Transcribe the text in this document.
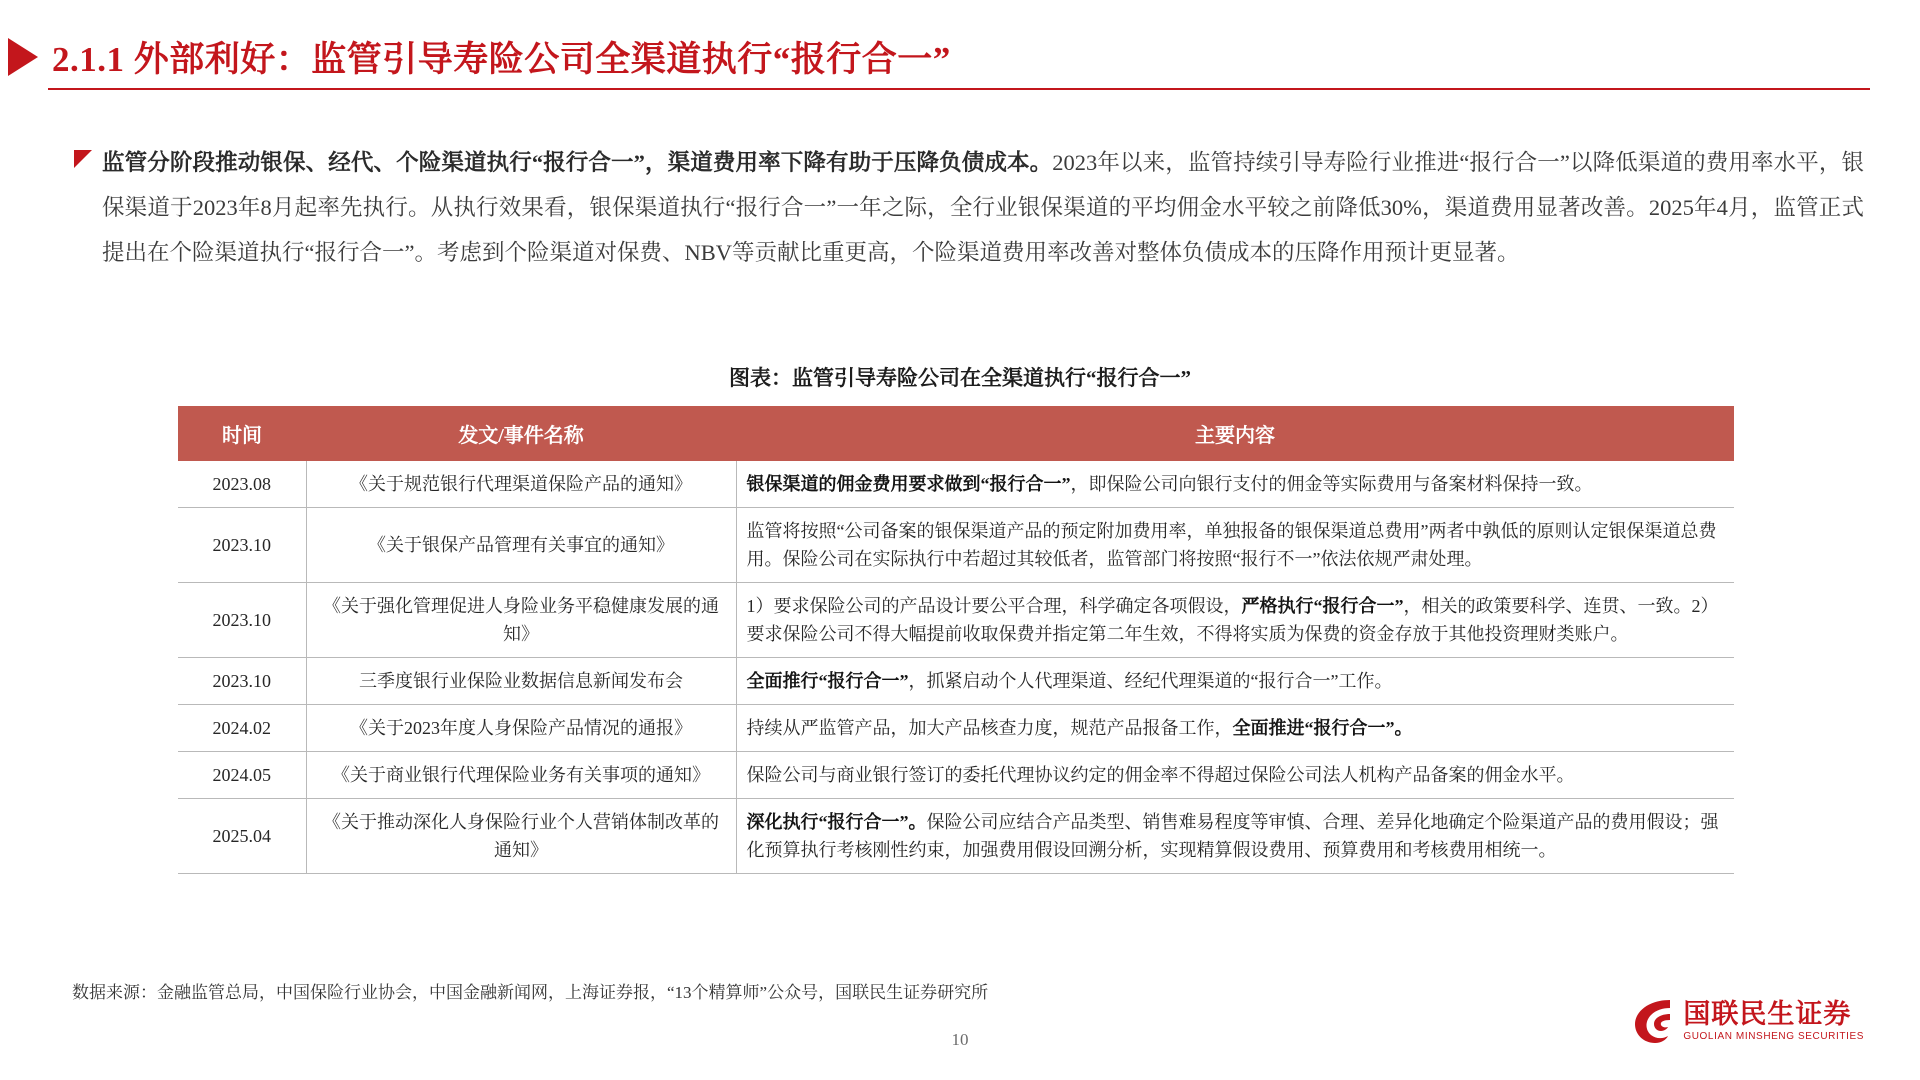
2.1.1 外部利好：监管引导寿险公司全渠道执行“报行合一”
监管分阶段推动银保、经代、个险渠道执行“报行合一”，渠道费用率下降有助于压降负债成本。2023年以来，监管持续引导寿险行业推进“报行合一”以降低渠道的费用率水平，银保渠道于2023年8月起率先执行。从执行效果看，银保渠道执行“报行合一”一年之际，全行业银保渠道的平均佣金水平较之前降低30%，渠道费用显著改善。2025年4月，监管正式提出在个险渠道执行“报行合一”。考虑到个险渠道对保费、NBV等贡献比重更高，个险渠道费用率改善对整体负债成本的压降作用预计更显著。
图表：监管引导寿险公司在全渠道执行“报行合一”
时间	发文/事件名称	主要内容
2023.08	《关于规范银行代理渠道保险产品的通知》	银保渠道的佣金费用要求做到“报行合一”，即保险公司向银行支付的佣金等实际费用与备案材料保持一致。
2023.10	《关于银保产品管理有关事宜的通知》	监管将按照“公司备案的银保渠道产品的预定附加费用率，单独报备的银保渠道总费用”两者中孰低的原则认定银保渠道总费用。保险公司在实际执行中若超过其较低者，监管部门将按照“报行不一”依法依规严肃处理。
2023.10	《关于强化管理促进人身险业务平稳健康发展的通知》	1）要求保险公司的产品设计要公平合理，科学确定各项假设，严格执行“报行合一”，相关的政策要科学、连贯、一致。2）要求保险公司不得大幅提前收取保费并指定第二年生效，不得将实质为保费的资金存放于其他投资理财类账户。
2023.10	三季度银行业保险业数据信息新闻发布会	全面推行“报行合一”，抓紧启动个人代理渠道、经纪代理渠道的“报行合一”工作。
2024.02	《关于2023年度人身保险产品情况的通报》	持续从严监管产品，加大产品核查力度，规范产品报备工作，全面推进“报行合一”。
2024.05	《关于商业银行代理保险业务有关事项的通知》	保险公司与商业银行签订的委托代理协议约定的佣金率不得超过保险公司法人机构产品备案的佣金水平。
2025.04	《关于推动深化人身保险行业个人营销体制改革的通知》	深化执行“报行合一”。保险公司应结合产品类型、销售难易程度等审慎、合理、差异化地确定个险渠道产品的费用假设；强化预算执行考核刚性约束，加强费用假设回溯分析，实现精算假设费用、预算费用和考核费用相统一。
数据来源：金融监管总局，中国保险行业协会，中国金融新闻网，上海证券报，“13个精算师”公众号，国联民生证券研究所
10
国联民生证券
GUOLIAN MINSHENG SECURITIES
